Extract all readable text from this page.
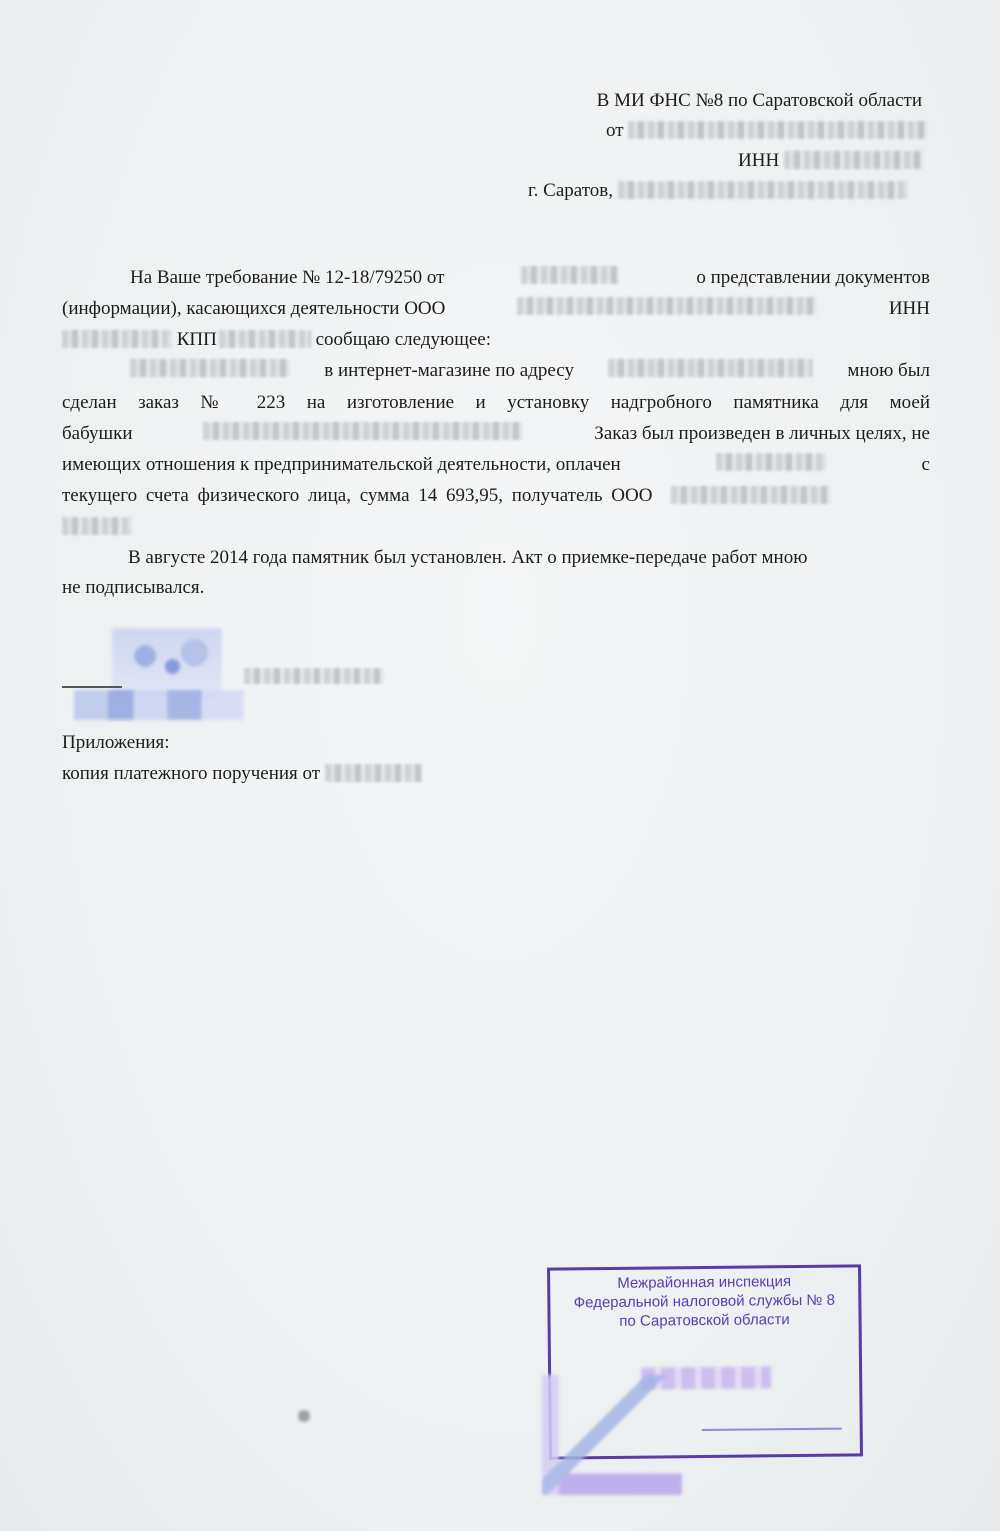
В МИ ФНС №8 по Саратовской области
от
ИНН
г. Саратов,
На Ваше требование № 12-18/79250 от	о представлении документов
(информации), касающихся деятельности ООО	ИНН
КПП	сообщаю следующее:
в интернет-магазине по адресу	мною был
сделан заказ № 223 на изготовление и установку надгробного памятника для моей
бабушки	Заказ был произведен в личных целях, не
имеющих отношения к предпринимательской деятельности, оплачен	с
текущего счета физического лица, сумма 14 693,95, получатель ООО
В августе 2014 года памятник был установлен. Акт о приемке-передаче работ мною
не подписывался.
Приложения:
копия платежного поручения от
Межрайонная инспекция
Федеральной налоговой службы № 8
по Саратовской области
